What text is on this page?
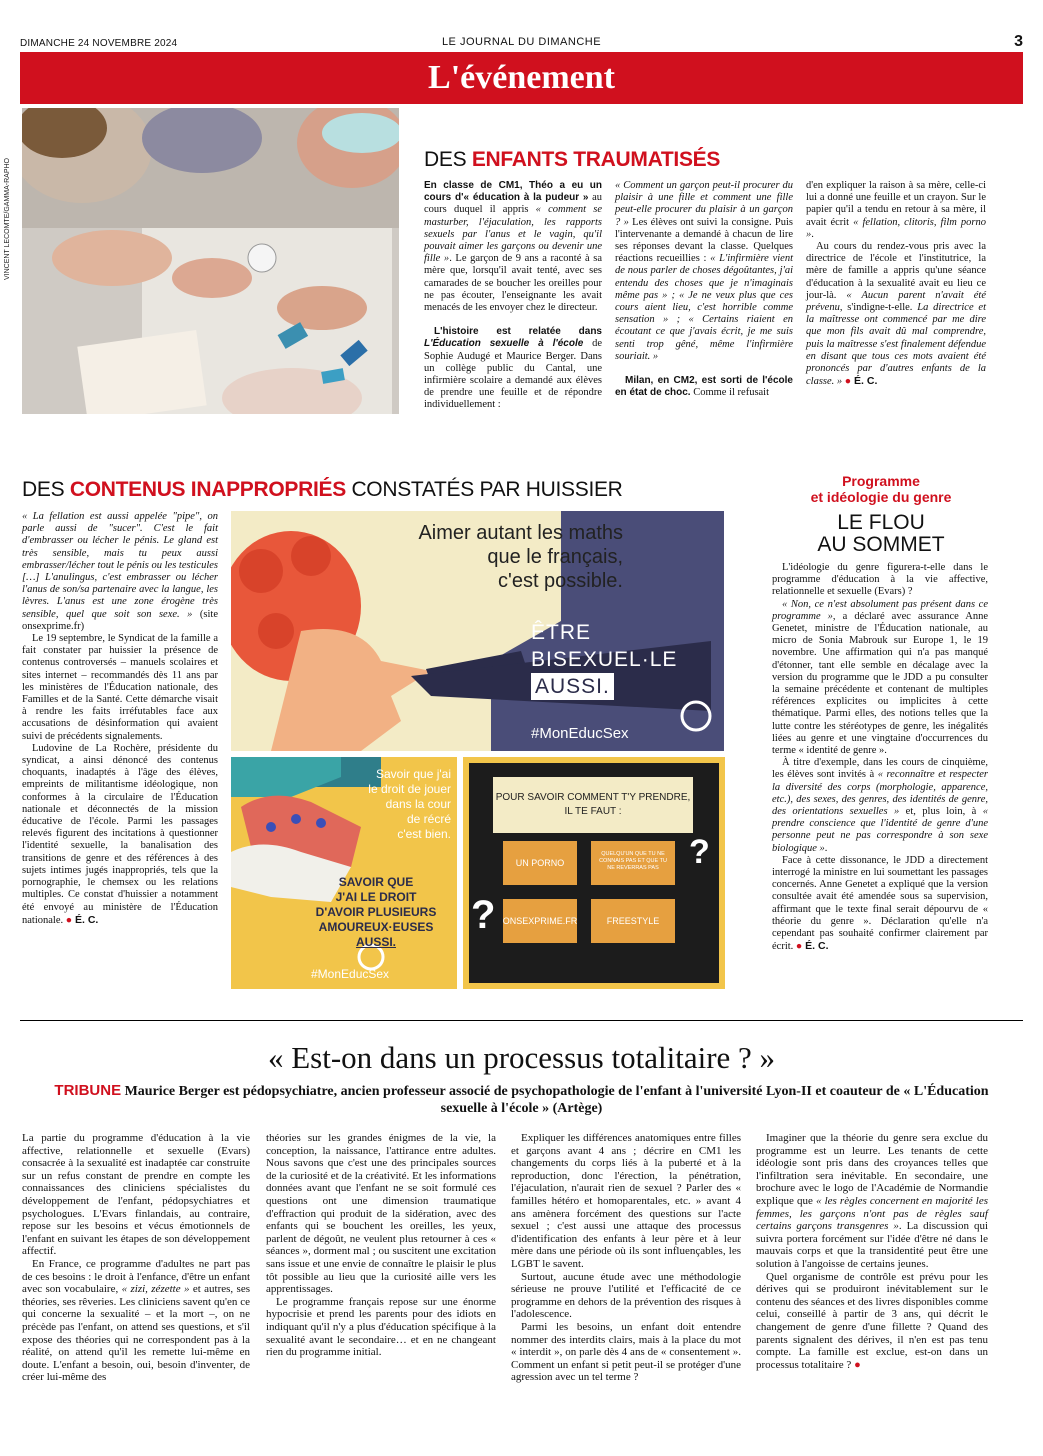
DIMANCHE 24 NOVEMBRE 2024	LE JOURNAL DU DIMANCHE	3
L'événement
VINCENT LECOMTE/GAMMA-RAPHO	DES ENFANTS TRAUMATISÉS

En classe de CM1, Théo a eu un cours d'« éducation à la pudeur » au cours duquel il appris « comment se masturber, l'éjaculation, les rapports sexuels par l'anus et le vagin, qu'il pouvait aimer les garçons ou devenir une fille ». Le garçon de 9 ans a raconté à sa mère que, lorsqu'il avait tenté, avec ses camarades de se boucher les oreilles pour ne pas écouter, l'enseignante les avait menacés de les envoyer chez le directeur.

L'histoire est relatée dans L'Éducation sexuelle à l'école de Sophie Audugé et Maurice Berger. Dans un collège public du Cantal, une infirmière scolaire a demandé aux élèves de prendre une feuille et de répondre individuellement :

« Comment un garçon peut-il procurer du plaisir à une fille et comment une fille peut-elle procurer du plaisir à un garçon ? » Les élèves ont suivi la consigne. Puis l'intervenante a demandé à chacun de lire ses réponses devant la classe. Quelques réactions recueillies : « L'infirmière vient de nous parler de choses dégoûtantes, j'ai entendu des choses que je n'imaginais même pas » ; « Je ne veux plus que ces cours aient lieu, c'est horrible comme sensation » ; « Certains riaient en écoutant ce que j'avais écrit, je me suis senti trop gêné, même l'infirmière souriait. »

Milan, en CM2, est sorti de l'école en état de choc. Comme il refusait

d'en expliquer la raison à sa mère, celle-ci lui a donné une feuille et un crayon. Sur le papier qu'il a tendu en retour à sa mère, il avait écrit « fellation, clitoris, film porno ».

Au cours du rendez-vous pris avec la directrice de l'école et l'institutrice, la mère de famille a appris qu'une séance d'éducation à la sexualité avait eu lieu ce jour-là. « Aucun parent n'avait été prévenu, s'indigne-t-elle. La directrice et la maîtresse ont commencé par me dire que mon fils avait dû mal comprendre, puis la maîtresse s'est finalement défendue en disant que tous ces mots avaient été prononcés par d'autres enfants de la classe. » ● É. C.

DES CONTENUS INAPPROPRIÉS CONSTATÉS PAR HUISSIER

« La fellation est aussi appelée "pipe", on parle aussi de "sucer". C'est le fait d'embrasser ou lécher le pénis. Le gland est très sensible, mais tu peux aussi embrasser/lécher tout le pénis ou les testicules […] L'anulingus, c'est embrasser ou lécher l'anus de son/sa partenaire avec la langue, les lèvres. L'anus est une zone érogène très sensible, quel que soit son sexe. » (site onsexprime.fr)

Le 19 septembre, le Syndicat de la famille a fait constater par huissier la présence de contenus controversés – manuels scolaires et sites internet – recommandés dès 11 ans par les ministères de l'Éducation nationale, des Familles et de la Santé. Cette démarche visait à rendre les faits irréfutables face aux accusations de désinformation qui avaient suivi de précédents signalements.

Ludovine de La Rochère, présidente du syndicat, a ainsi dénoncé des contenus choquants, inadaptés à l'âge des élèves, empreints de militantisme idéologique, non conformes à la circulaire de l'Éducation nationale et déconnectés de la mission éducative de l'école. Parmi les passages relevés figurent des incitations à questionner l'identité sexuelle, la banalisation des transitions de genre et des références à des sujets intimes jugés inappropriés, tels que la pornographie, le chemsex ou les relations multiples. Ce constat d'huissier a notamment été envoyé au ministère de l'Éducation nationale. ● É. C.

Aimer autant les maths
que le français,
c'est possible.
ÊTRE
BISEXUEL·LE
AUSSI.
#MonEducSex
Savoir que j'ai
le droit de jouer
dans la cour
de récré
c'est bien.
SAVOIR QUE
J'AI LE DROIT
D'AVOIR PLUSIEURS
AMOUREUX·EUSES
AUSSI.
#MonEducSex
POUR SAVOIR COMMENT T'Y PRENDRE,
IL TE FAUT :
UN PORNO
QUELQU'UN QUE TU NE CONNAIS PAS ET QUE TU NE REVERRAS PAS
ONSEXPRIME.FR	FREESTYLE
?
?
Programme
et idéologie du genre
LE FLOU
AU SOMMET

L'idéologie du genre figurera-t-elle dans le programme d'éducation à la vie affective, relationnelle et sexuelle (Evars) ?

« Non, ce n'est absolument pas présent dans ce programme », a déclaré avec assurance Anne Genetet, ministre de l'Éducation nationale, au micro de Sonia Mabrouk sur Europe 1, le 19 novembre. Une affirmation qui n'a pas manqué d'étonner, tant elle semble en décalage avec la version du programme que le JDD a pu consulter la semaine précédente et contenant de multiples références explicites ou implicites à cette thématique. Parmi elles, des notions telles que la lutte contre les stéréotypes de genre, les inégalités liées au genre et une vingtaine d'occurrences du terme « identité de genre ».

À titre d'exemple, dans les cours de cinquième, les élèves sont invités à « reconnaître et respecter la diversité des corps (morphologie, apparence, etc.), des sexes, des genres, des identités de genre, des orientations sexuelles » et, plus loin, à « prendre conscience que l'identité de genre d'une personne peut ne pas correspondre à son sexe biologique ».

Face à cette dissonance, le JDD a directement interrogé la ministre en lui soumettant les passages concernés. Anne Genetet a expliqué que la version consultée avait été amendée sous sa supervision, affirmant que le texte final serait dépourvu de « théorie du genre ». Déclaration qu'elle n'a cependant pas souhaité confirmer clairement par écrit. ● É. C.

« Est-on dans un processus totalitaire ? »
TRIBUNE Maurice Berger est pédopsychiatre, ancien professeur associé de psychopathologie de l'enfant à l'université Lyon-II et coauteur de « L'Éducation sexuelle à l'école » (Artège)

La partie du programme d'éducation à la vie affective, relationnelle et sexuelle (Evars) consacrée à la sexualité est inadaptée car construite sur un refus constant de prendre en compte les connaissances des cliniciens spécialistes du développement de l'enfant, pédopsychiatres et psychologues. L'Evars finlandais, au contraire, repose sur les besoins et vécus émotionnels de l'enfant en suivant les étapes de son développement affectif.

En France, ce programme d'adultes ne part pas de ces besoins : le droit à l'enfance, d'être un enfant avec son vocabulaire, « zizi, zézette » et autres, ses théories, ses rêveries. Les cliniciens savent qu'en ce qui concerne la sexualité – et la mort –, on ne précède pas l'enfant, on attend ses questions, et s'il expose des théories qui ne correspondent pas à la réalité, on attend qu'il les remette lui-même en doute. L'enfant a besoin, oui, besoin d'inventer, de créer lui-même des

théories sur les grandes énigmes de la vie, la conception, la naissance, l'attirance entre adultes. Nous savons que c'est une des principales sources de la curiosité et de la créativité. Et les informations données avant que l'enfant ne se soit formulé ces questions ont une dimension traumatique d'effraction qui produit de la sidération, avec des enfants qui se bouchent les oreilles, les yeux, parlent de dégoût, ne veulent plus retourner à ces « séances », dorment mal ; ou suscitent une excitation sans issue et une envie de connaître le plaisir le plus tôt possible au lieu que la curiosité aille vers les apprentissages.

Le programme français repose sur une énorme hypocrisie et prend les parents pour des idiots en indiquant qu'il n'y a plus d'éducation spécifique à la sexualité avant le secondaire… et en ne changeant rien du programme initial.

Expliquer les différences anatomiques entre filles et garçons avant 4 ans ; décrire en CM1 les changements du corps liés à la puberté et à la reproduction, donc l'érection, la pénétration, l'éjaculation, n'aurait rien de sexuel ? Parler des « familles hétéro et homoparentales, etc. » avant 4 ans amènera forcément des questions sur l'acte sexuel ; c'est aussi une attaque des processus d'identification des enfants à leur père et à leur mère dans une période où ils sont influençables, les LGBT le savent.

Surtout, aucune étude avec une méthodologie sérieuse ne prouve l'utilité et l'efficacité de ce programme en dehors de la prévention des risques à l'adolescence.

Parmi les besoins, un enfant doit entendre nommer des interdits clairs, mais à la place du mot « interdit », on parle dès 4 ans de « consentement ». Comment un enfant si petit peut-il se protéger d'une agression avec un tel terme ?

Imaginer que la théorie du genre sera exclue du programme est un leurre. Les tenants de cette idéologie sont pris dans des croyances telles que l'infiltration sera inévitable. En secondaire, une brochure avec le logo de l'Académie de Normandie explique que « les règles concernent en majorité les femmes, les garçons n'ont pas de règles sauf certains garçons transgenres ». La discussion qui suivra portera forcément sur l'idée d'être né dans le mauvais corps et que la transidentité peut être une solution à l'angoisse de certains jeunes.

Quel organisme de contrôle est prévu pour les dérives qui se produiront inévitablement sur le contenu des séances et des livres disponibles comme celui, conseillé à partir de 3 ans, qui décrit le changement de genre d'une fillette ? Quand des parents signalent des dérives, il n'en est pas tenu compte. La famille est exclue, est-on dans un processus totalitaire ? ●
